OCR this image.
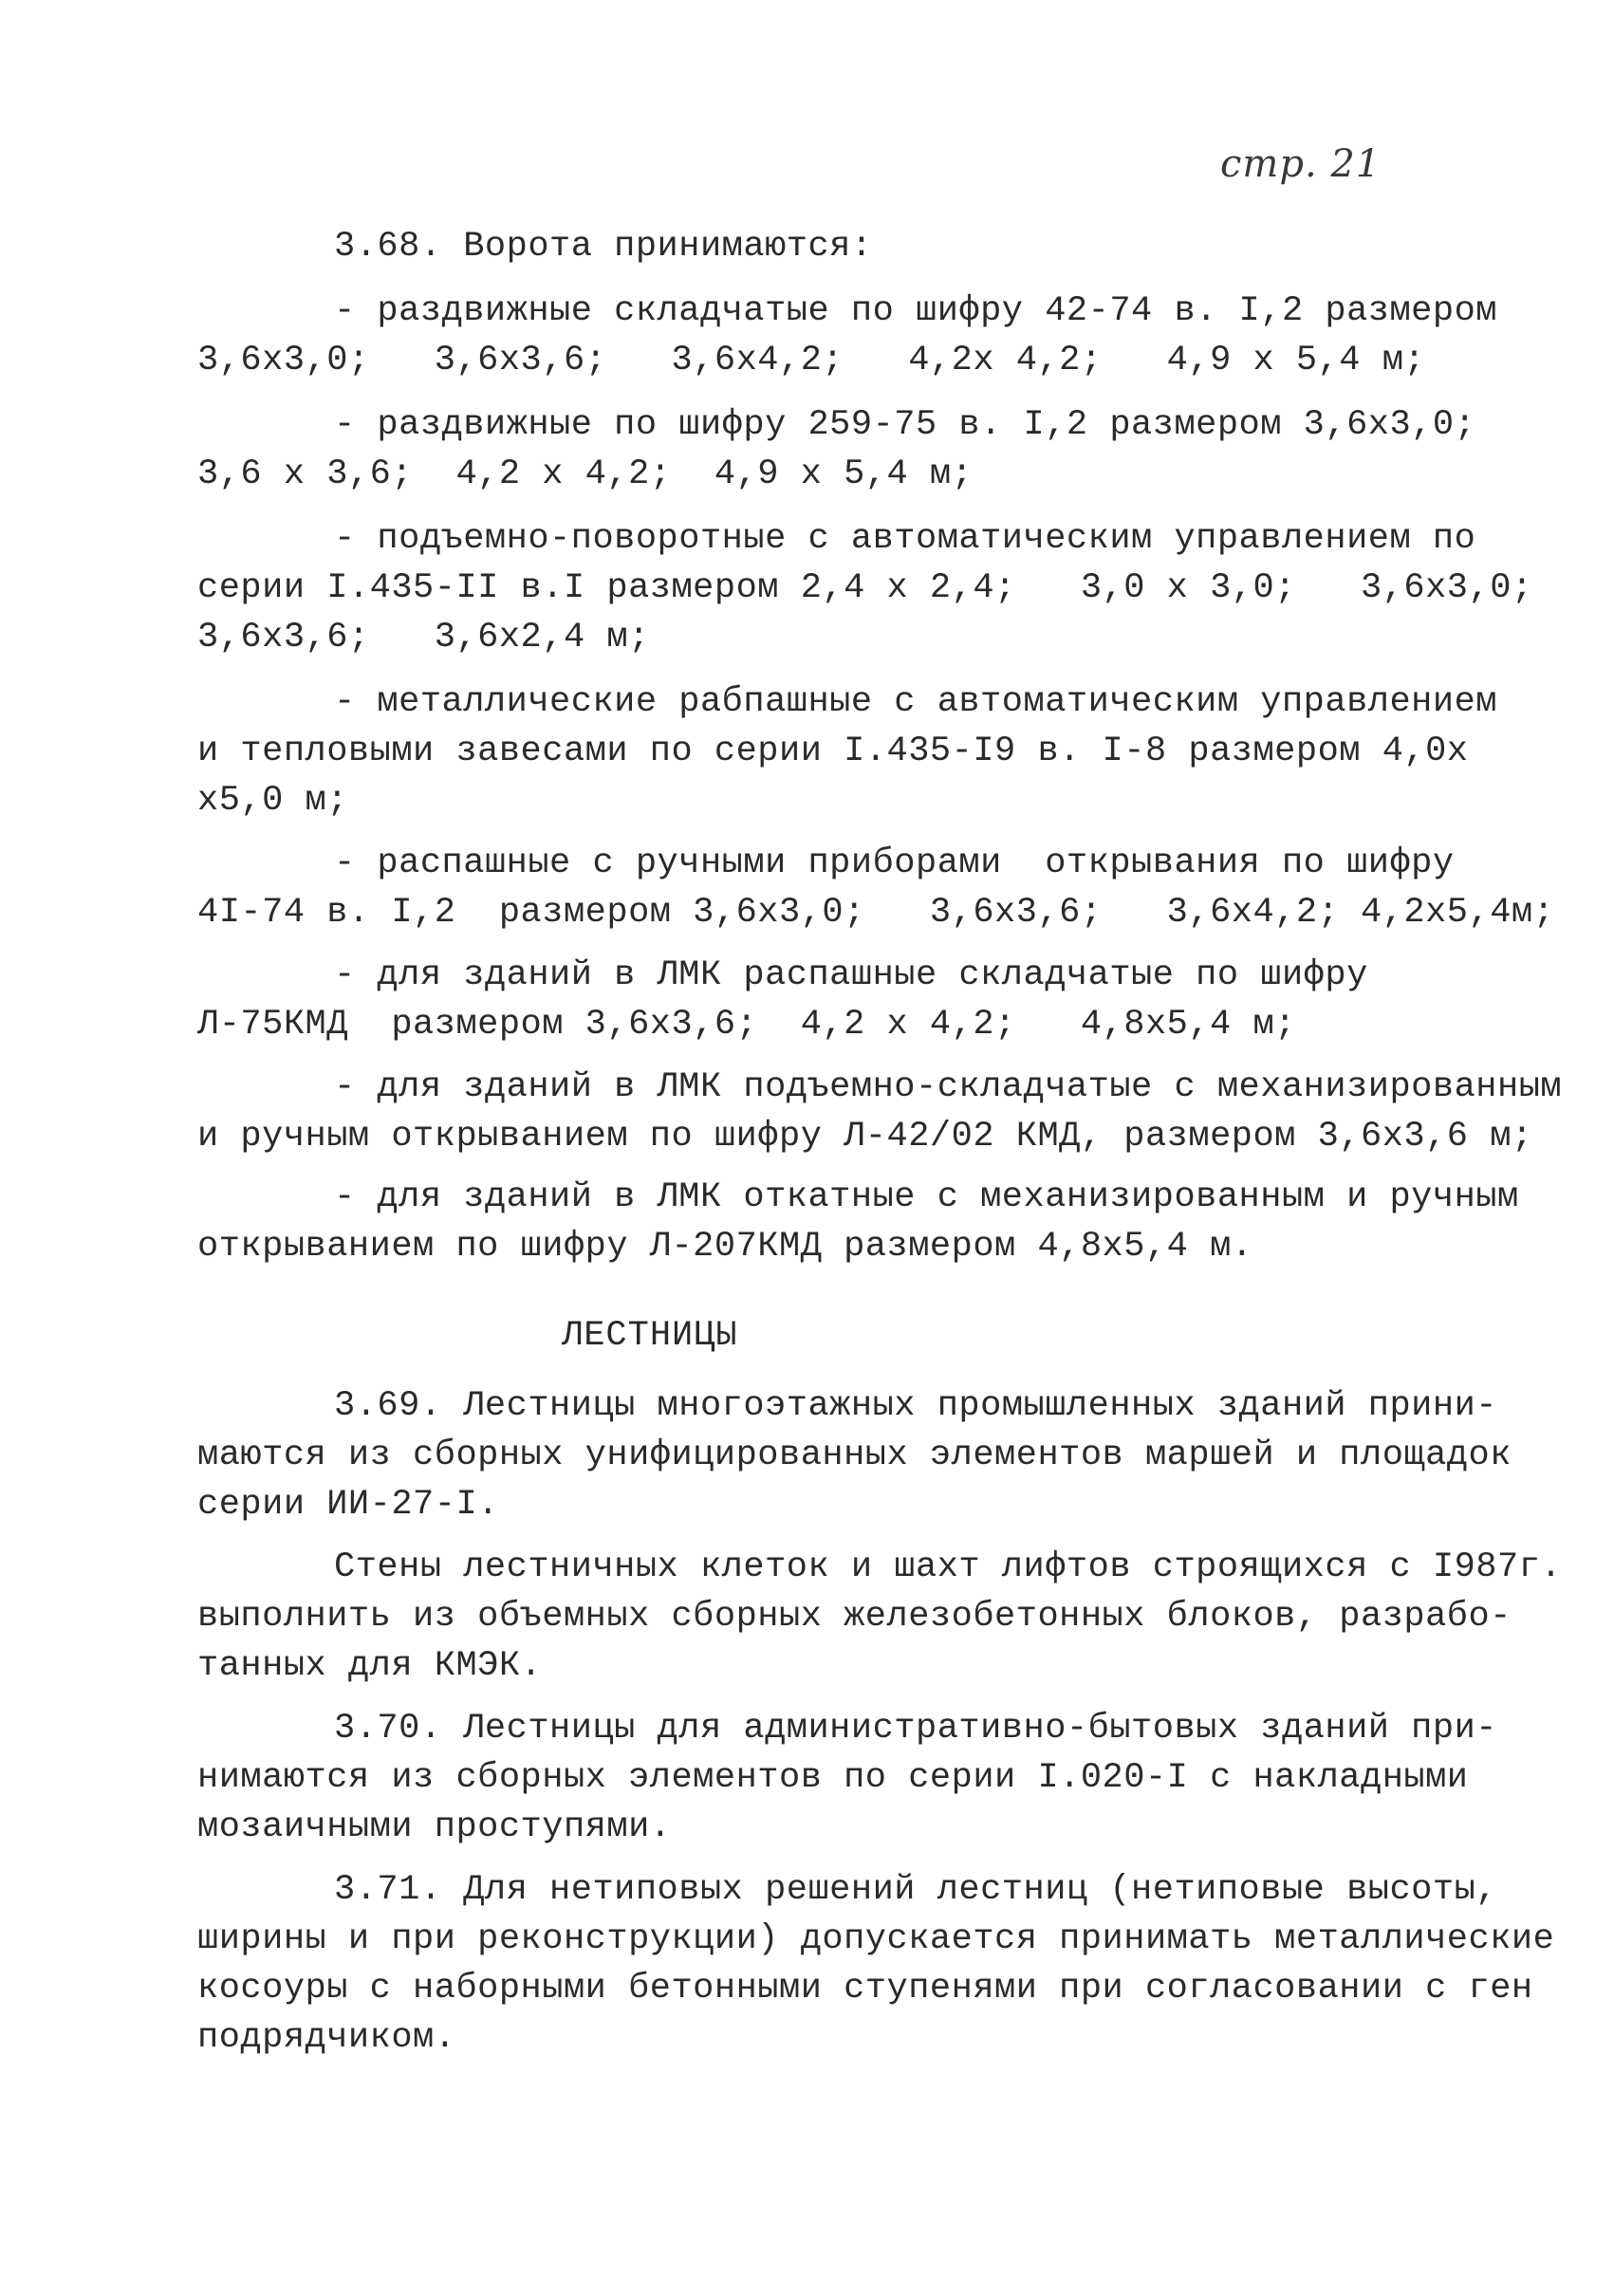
стр. 21
3.68. Ворота принимаются:
- раздвижные складчатые по шифру 42-74 в. I,2 размером
3,6х3,0;   3,6х3,6;   3,6х4,2;   4,2х 4,2;   4,9 х 5,4 м;
- раздвижные по шифру 259-75 в. I,2 размером 3,6х3,0;
3,6 х 3,6;  4,2 х 4,2;  4,9 х 5,4 м;
- подъемно-поворотные с автоматическим управлением по
серии I.435-II в.I размером 2,4 х 2,4;   3,0 х 3,0;   3,6х3,0;
3,6х3,6;   3,6х2,4 м;
- металлические рабпашные с автоматическим управлением
и тепловыми завесами по серии I.435-I9 в. I-8 размером 4,0х
х5,0 м;
- распашные с ручными приборами  открывания по шифру
4I-74 в. I,2  размером 3,6х3,0;   3,6х3,6;   3,6х4,2; 4,2х5,4м;
- для зданий в ЛМК распашные складчатые по шифру
Л-75КМД  размером 3,6х3,6;  4,2 х 4,2;   4,8х5,4 м;
- для зданий в ЛМК подъемно-складчатые с механизированным
и ручным открыванием по шифру Л-42/02 КМД, размером 3,6х3,6 м;
- для зданий в ЛМК откатные с механизированным и ручным
открыванием по шифру Л-207КМД размером 4,8х5,4 м.
ЛЕСТНИЦЫ
3.69. Лестницы многоэтажных промышленных зданий прини-
маются из сборных унифицированных элементов маршей и площадок
серии ИИ-27-I.
Стены лестничных клеток и шахт лифтов строящихся с I987г.
выполнить из объемных сборных железобетонных блоков, разрабо-
танных для КМЭК.
3.70. Лестницы для административно-бытовых зданий при-
нимаются из сборных элементов по серии I.020-I с накладными
мозаичными проступями.
3.71. Для нетиповых решений лестниц (нетиповые высоты,
ширины и при реконструкции) допускается принимать металлические
косоуры с наборными бетонными ступенями при согласовании с ген
подрядчиком.
